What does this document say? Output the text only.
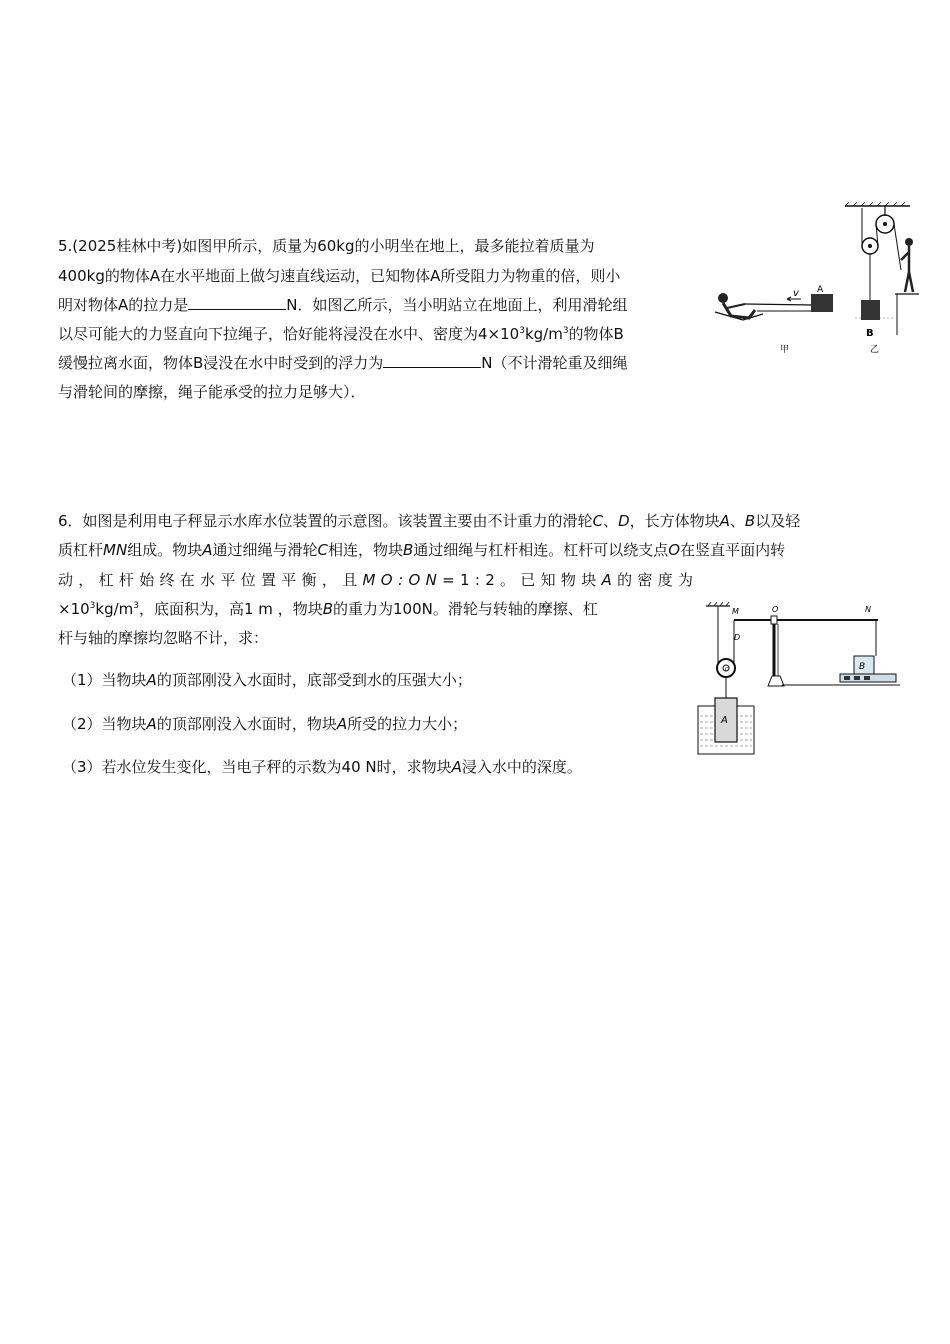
5.(2025桂林中考)如图甲所示，质量为60kg的小明坐在地上，最多能拉着质量为
400kg的物体A在水平地面上做匀速直线运动，已知物体A所受阻力为物重的倍，则小
明对物体A的拉力是	N．如图乙所示，当小明站立在地面上，利用滑轮组
以尽可能大的力竖直向下拉绳子，恰好能将浸没在水中、密度为$4\times 10^3kg/m^3$的物体B
缓慢拉离水面，物体B浸没在水中时受到的浮力为	N（不计滑轮重及细绳
与滑轮间的摩擦，绳子能承受的拉力足够大）．
v A
甲
B
乙
6．如图是利用电子秤显示水库水位装置的示意图。该装置主要由不计重力的滑轮C、D，长方体物块A、B以及轻
质杠杆MN组成。物块A通过细绳与滑轮C相连，物块B通过细绳与杠杆相连。杠杆可以绕支点O在竖直平面内转
动，杠杆始终在水平位置平衡，且MO:ON=1:2。已知物块A的密度为
$\times 10^3kg/m^3$，底面积为，高1 m ，物块B的重力为100N。滑轮与转轴的摩擦、杠
杆与轴的摩擦均忽略不计，求：
（1）当物块A的顶部刚没入水面时，底部受到水的压强大小；
（2）当物块A的顶部刚没入水面时，物块A所受的拉力大小；
（3）若水位发生变化，当电子秤的示数为40 N时，求物块A浸入水中的深度。
M	O	N
D
C
A
B
